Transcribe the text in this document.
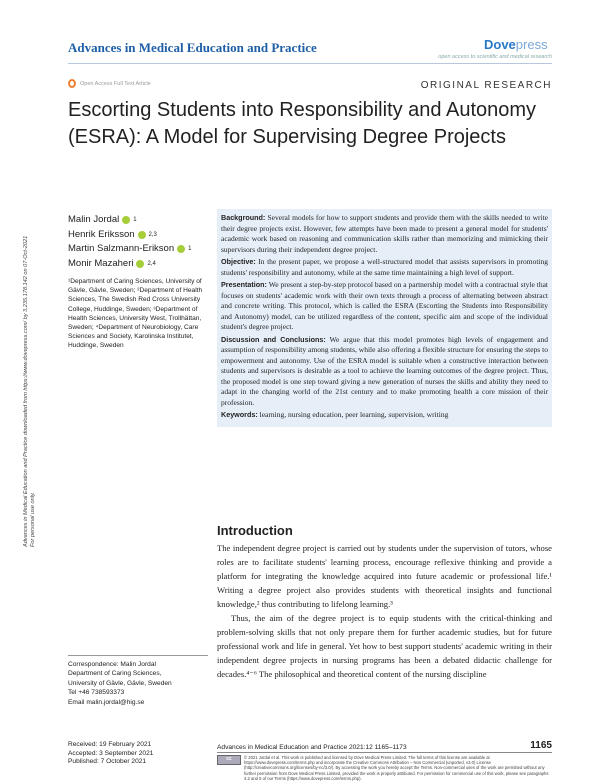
Advances in Medical Education and Practice downloaded from https://www.dovepress.com/ by 3.235.178.142 on 07-Oct-2021 For personal use only.
Advances in Medical Education and Practice	Dovepress
open access to scientific and medical research
Open Access Full Text Article	ORIGINAL RESEARCH
Escorting Students into Responsibility and Autonomy (ESRA): A Model for Supervising Degree Projects
Malin Jordal 1
Henrik Eriksson 2,3
Martin Salzmann-Erikson 1
Monir Mazaheri 2,4
¹Department of Caring Sciences, University of Gävle, Gävle, Sweden; ²Department of Health Sciences, The Swedish Red Cross University College, Huddinge, Sweden; ³Department of Health Sciences, University West, Trollhättan, Sweden; ⁴Department of Neurobiology, Care Sciences and Society, Karolinska Institutet, Huddinge, Sweden

Background: Several models for how to support students and provide them with the skills needed to write their degree projects exist. However, few attempts have been made to present a general model for students' academic work based on reasoning and communication skills rather than memorizing and mimicking their supervisors during their independent degree project.

Objective: In the present paper, we propose a well-structured model that assists supervisors in promoting students' responsibility and autonomy, while at the same time maintaining a high level of support.

Presentation: We present a step-by-step protocol based on a partnership model with a contractual style that focuses on students' academic work with their own texts through a process of alternating between abstract and concrete writing. This protocol, which is called the ESRA (Escorting the Students into Responsibility and Autonomy) model, can be utilized regardless of the content, specific aim and scope of the individual student's degree project.

Discussion and Conclusions: We argue that this model promotes high levels of engagement and assumption of responsibility among students, while also offering a flexible structure for ensuring the steps to empowerment and autonomy. Use of the ESRA model is suitable when a constructive interaction between students and supervisors is desirable as a tool to achieve the learning outcomes of the degree project. Thus, the proposed model is one step toward giving a new generation of nurses the skills and ability they need to adapt in the changing world of the 21st century and to make promoting health a core mission of their profession.

Keywords: learning, nursing education, peer learning, supervision, writing

Correspondence: Malin Jordal
Department of Caring Sciences,
University of Gävle, Gävle, Sweden
Tel +46 738593373
Email malin.jordal@hig.se
Introduction

The independent degree project is carried out by students under the supervision of tutors, whose roles are to facilitate students' learning process, encourage reflexive thinking and provide a platform for integrating the knowledge acquired into future academic or professional life.¹ Writing a degree project also provides students with theoretical insights and functional knowledge,² thus contributing to lifelong learning.³

Thus, the aim of the degree project is to equip students with the critical-thinking and problem-solving skills that not only prepare them for further academic studies, but for future professional work and life in general. Yet how to best support students' academic writing in their independent degree projects in nursing programs has been a debated didactic challenge for decades.⁴⁻⁶ The philosophical and theoretical content of the nursing discipline

Received: 19 February 2021
Accepted: 3 September 2021
Published: 7 October 2021
Advances in Medical Education and Practice 2021:12 1165–1173	1165
cc	© 2021 Jordal et al. This work is published and licensed by Dove Medical Press Limited. The full terms of this license are available at https://www.dovepress.com/terms.php and incorporate the Creative Commons Attribution – Non Commercial (unported, v3.0) License (http://creativecommons.org/licenses/by-nc/3.0/). By accessing the work you hereby accept the Terms. Non-commercial uses of the work are permitted without any further permission from Dove Medical Press Limited, provided the work is properly attributed. For permission for commercial use of this work, please see paragraphs 4.2 and 5 of our Terms (https://www.dovepress.com/terms.php).
